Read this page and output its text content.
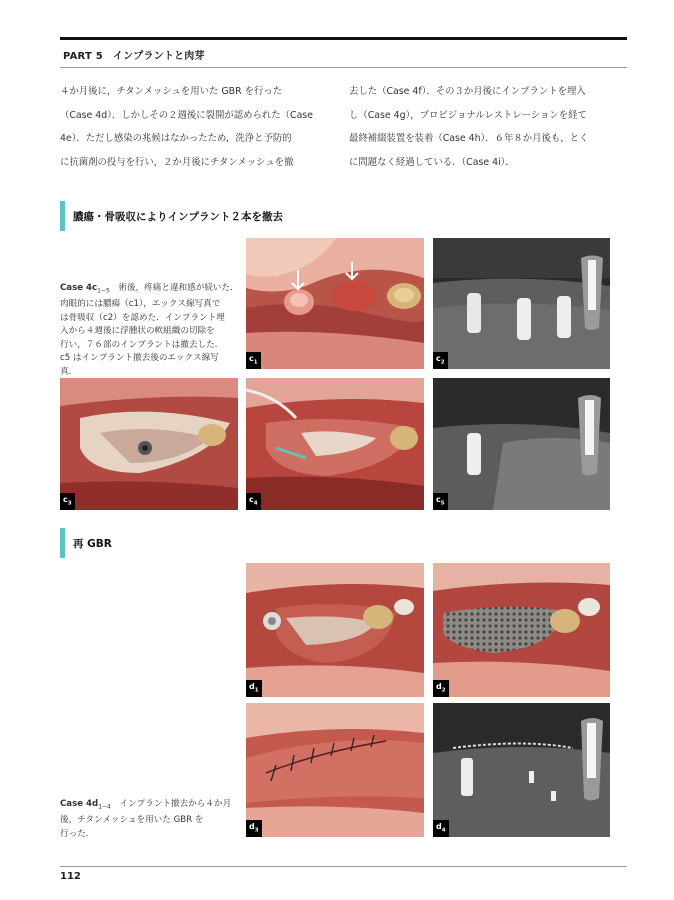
PART 5 インプラントと肉芽
４か月後に，チタンメッシュを用いた GBR を行った
（Case 4d）．しかしその２週後に裂開が認められた（Case
4e）．ただし感染の兆候はなかったため，洗浄と予防的
に抗菌剤の投与を行い，２か月後にチタンメッシュを撤
去した（Case 4f）．その３か月後にインプラントを埋入
し（Case 4g），プロビジョナルレストレーションを経て
最終補綴装置を装着（Case 4h）．６年８か月後も，とく
に問題なく経過している．（Case 4i）．
膿瘍・骨吸収によりインプラント２本を撤去
Case $4c_{1-5}$　術後，疼痛と違和感が続いた．
肉眼的には膿瘍（c1），エックス線写真で
は骨吸収（c2）を認めた．インプラント埋
入から４週後に浮腫状の軟組織の切除を
行い，７６部のインプラントは撤去した．
c5 はインプラント撤去後のエックス線写
真．
$c_1$	$c_2$
$c_3$	$c_4$	$c_5$
再 GBR
$d_1$	$d_2$
Case $4d_{1-4}$　インプラント撤去から４か月
後，チタンメッシュを用いた GBR を
行った．
$d_3$	$d_4$
112
